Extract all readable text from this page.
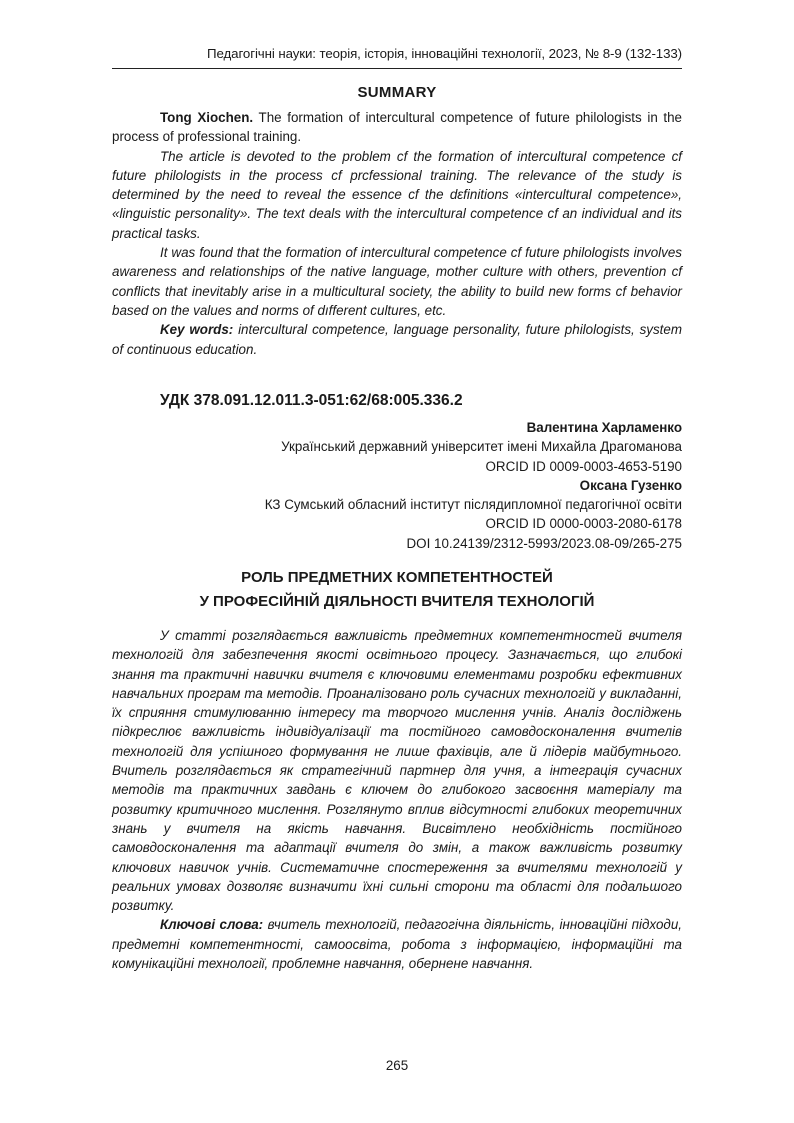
Педагогічні науки: теорія, історія, інноваційні технології, 2023, № 8-9 (132-133)
SUMMARY

Tong Xiochen. The formation of intercultural competence of future philologists in the process of professional training.

The article is devoted to the problem cf the formation of intercultural competence cf future philologists in the process cf prcfessional training. The relevance of the study is determined by the need to reveal the essence cf the dεfinitions «intercultural competence», «linguistic personality». The text deals with the intercultural competence cf an individual and its practical tasks.

It was found that the formation of intercultural competence cf future philologists involves awareness and relationships of the native language, mother culture with others, prevention cf conflicts that inevitably arise in a multicultural society, the ability to build new forms cf behavior based on the values and norms of dıfferent cultures, etc.

Key words: intercultural competence, language personality, future philologists, system of continuous education.

УДК 378.091.12.011.3-051:62/68:005.336.2
Валентина Харламенко
Український державний університет імені Михайла Драгоманова
ORCID ID 0009-0003-4653-5190
Оксана Гузенко
КЗ Сумський обласний інститут післядипломної педагогічної освіти
ORCID ID 0000-0003-2080-6178
DOI 10.24139/2312-5993/2023.08-09/265-275
РОЛЬ ПРЕДМЕТНИХ КОМПЕТЕНТНОСТЕЙ
У ПРОФЕСІЙНІЙ ДІЯЛЬНОСТІ ВЧИТЕЛЯ ТЕХНОЛОГІЙ

У статті розглядається важливість предметних компетентностей вчителя технологій для забезпечення якості освітнього процесу. Зазначається, що глибокі знання та практичні навички вчителя є ключовими елементами розробки ефективних навчальних програм та методів. Проаналізовано роль сучасних технологій у викладанні, їх сприяння стимулюванню інтересу та творчого мислення учнів. Аналіз досліджень підкреслює важливість індивідуалізації та постійного самовдосконалення вчителів технологій для успішного формування не лише фахівців, але й лідерів майбутнього. Вчитель розглядається як стратегічний партнер для учня, а інтеграція сучасних методів та практичних завдань є ключем до глибокого засвоєння матеріалу та розвитку критичного мислення. Розглянуто вплив відсутності глибоких теоретичних знань у вчителя на якість навчання. Висвітлено необхідність постійного самовдосконалення та адаптації вчителя до змін, а також важливість розвитку ключових навичок учнів. Систематичне спостереження за вчителями технологій у реальних умовах дозволяє визначити їхні сильні сторони та області для подальшого розвитку.

Ключові слова: вчитель технологій, педагогічна діяльність, інноваційні підходи, предметні компетентності, самоосвіта, робота з інформацією, інформаційні та комунікаційні технології, проблемне навчання, обернене навчання.

265
